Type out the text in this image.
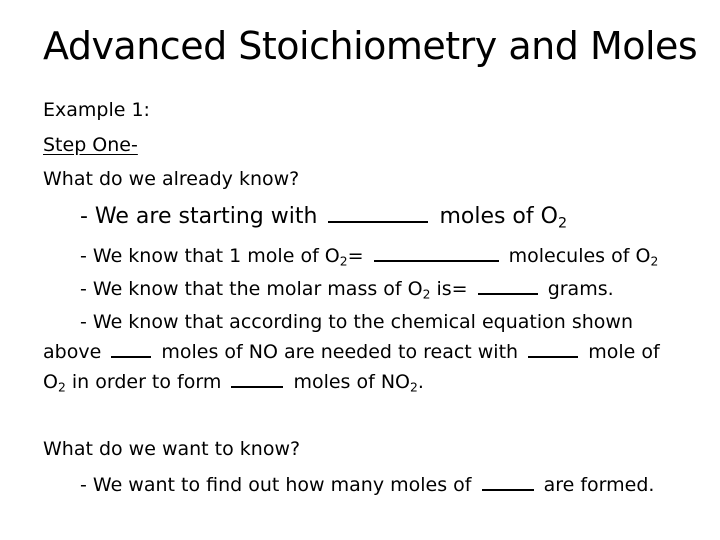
Advanced Stoichiometry and Moles
Example 1:
Step One-
What do we already know?
- We are starting with	moles of $O_2$
- We know that 1 mole of $O_2=$	molecules of $O_2$
- We know that the molar mass of $O_2$ is=	grams.
- We know that according to the chemical equation shown
above	moles of NO are needed to react with	mole of
$O_2$ in order to form	moles of $NO_2$.
What do we want to know?
- We want to find out how many moles of	are formed.
